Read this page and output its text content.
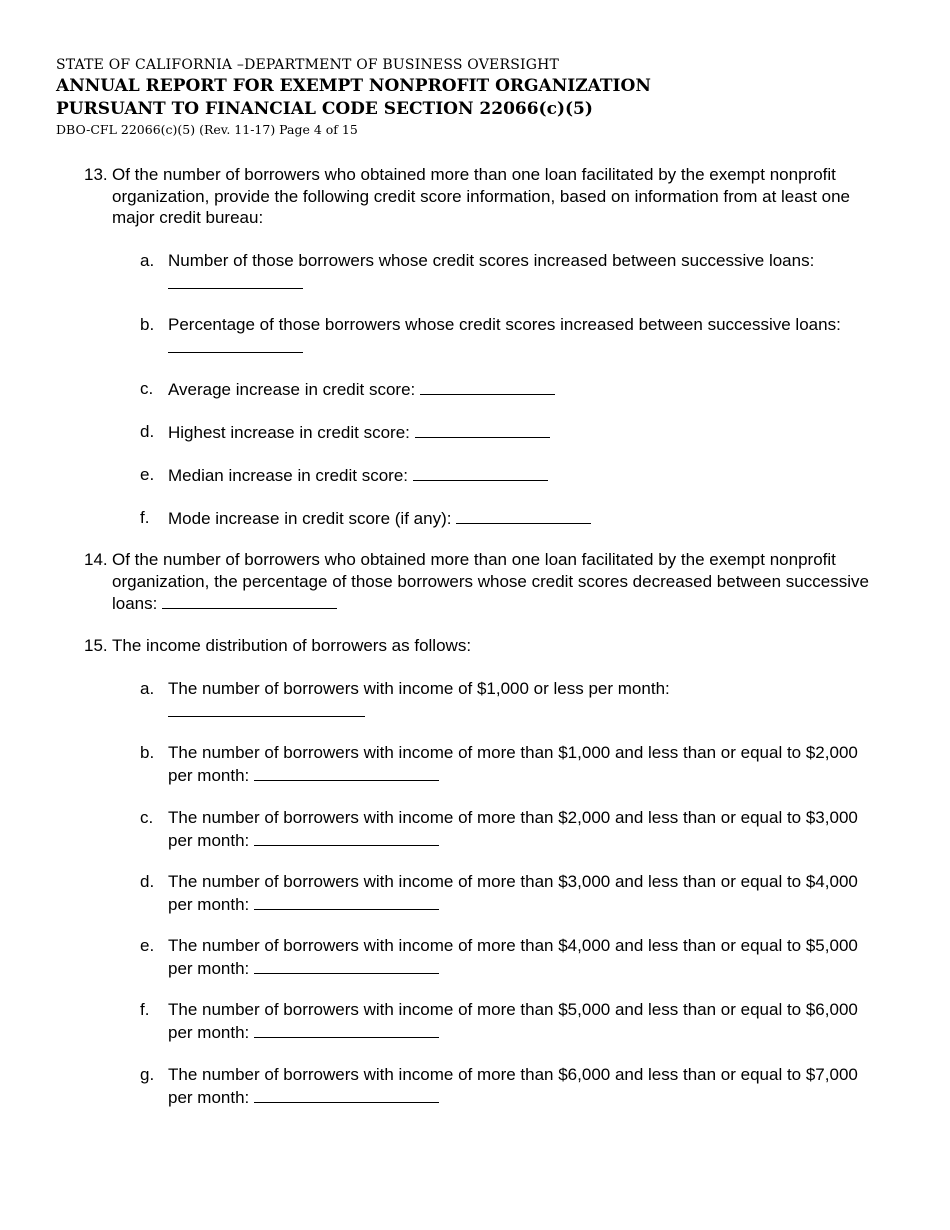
STATE OF CALIFORNIA –DEPARTMENT OF BUSINESS OVERSIGHT
ANNUAL REPORT FOR EXEMPT NONPROFIT ORGANIZATION
PURSUANT TO FINANCIAL CODE SECTION 22066(c)(5)
DBO-CFL 22066(c)(5) (Rev. 11-17) Page 4 of 15
13. Of the number of borrowers who obtained more than one loan facilitated by the exempt nonprofit organization, provide the following credit score information, based on information from at least one major credit bureau:
a. Number of those borrowers whose credit scores increased between successive loans:

b. Percentage of those borrowers whose credit scores increased between successive loans:
c. Average increase in credit score:
d. Highest increase in credit score:
e. Median increase in credit score:
f. Mode increase in credit score (if any):
14. Of the number of borrowers who obtained more than one loan facilitated by the exempt nonprofit organization, the percentage of those borrowers whose credit scores decreased between successive loans:
15. The income distribution of borrowers as follows:
a. The number of borrowers with income of $1,000 or less per month:

b. The number of borrowers with income of more than $1,000 and less than or equal to $2,000 per month:
c. The number of borrowers with income of more than $2,000 and less than or equal to $3,000 per month:
d. The number of borrowers with income of more than $3,000 and less than or equal to $4,000 per month:
e. The number of borrowers with income of more than $4,000 and less than or equal to $5,000 per month:
f. The number of borrowers with income of more than $5,000 and less than or equal to $6,000 per month:
g. The number of borrowers with income of more than $6,000 and less than or equal to $7,000 per month:
